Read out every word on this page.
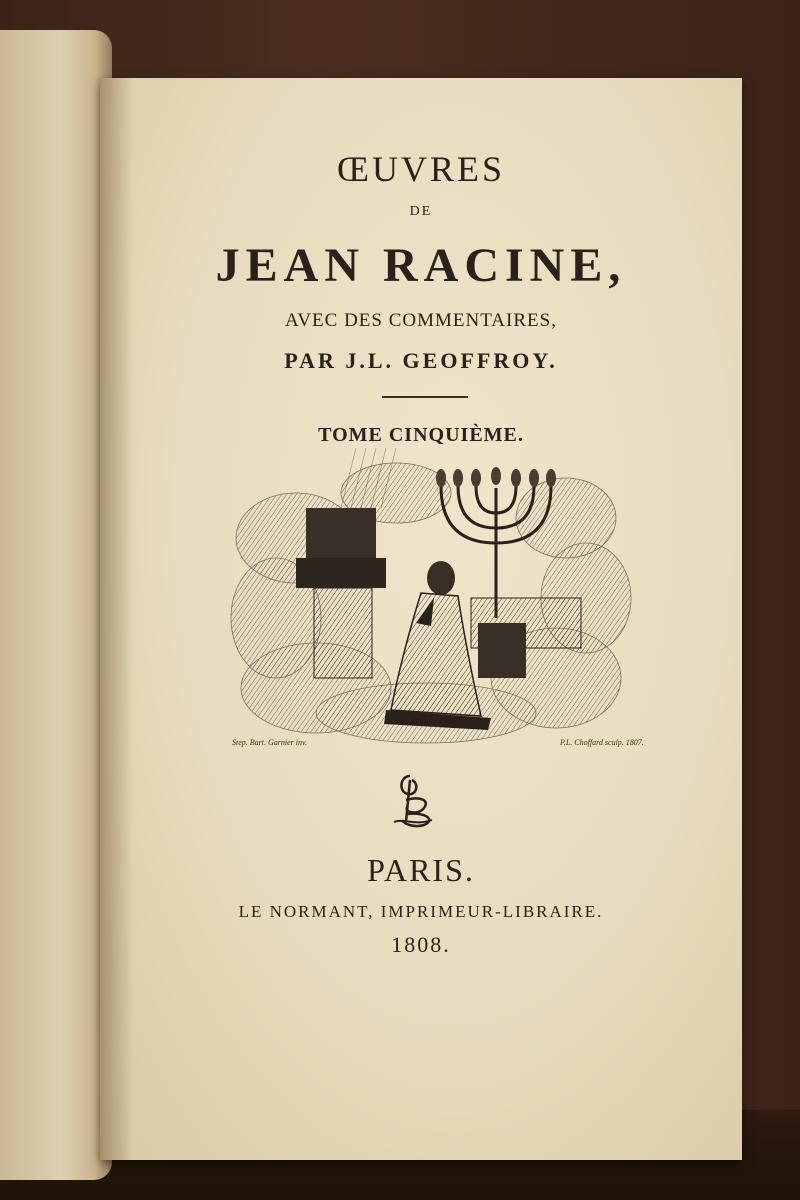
ŒUVRES
DE
JEAN RACINE,
AVEC DES COMMENTAIRES,
PAR J.L. GEOFFROY.
TOME CINQUIÈME.
Step. Bart. Garnier inv.	P.L. Choffard sculp. 1807.
PARIS.
LE NORMANT, IMPRIMEUR-LIBRAIRE.
1808.
